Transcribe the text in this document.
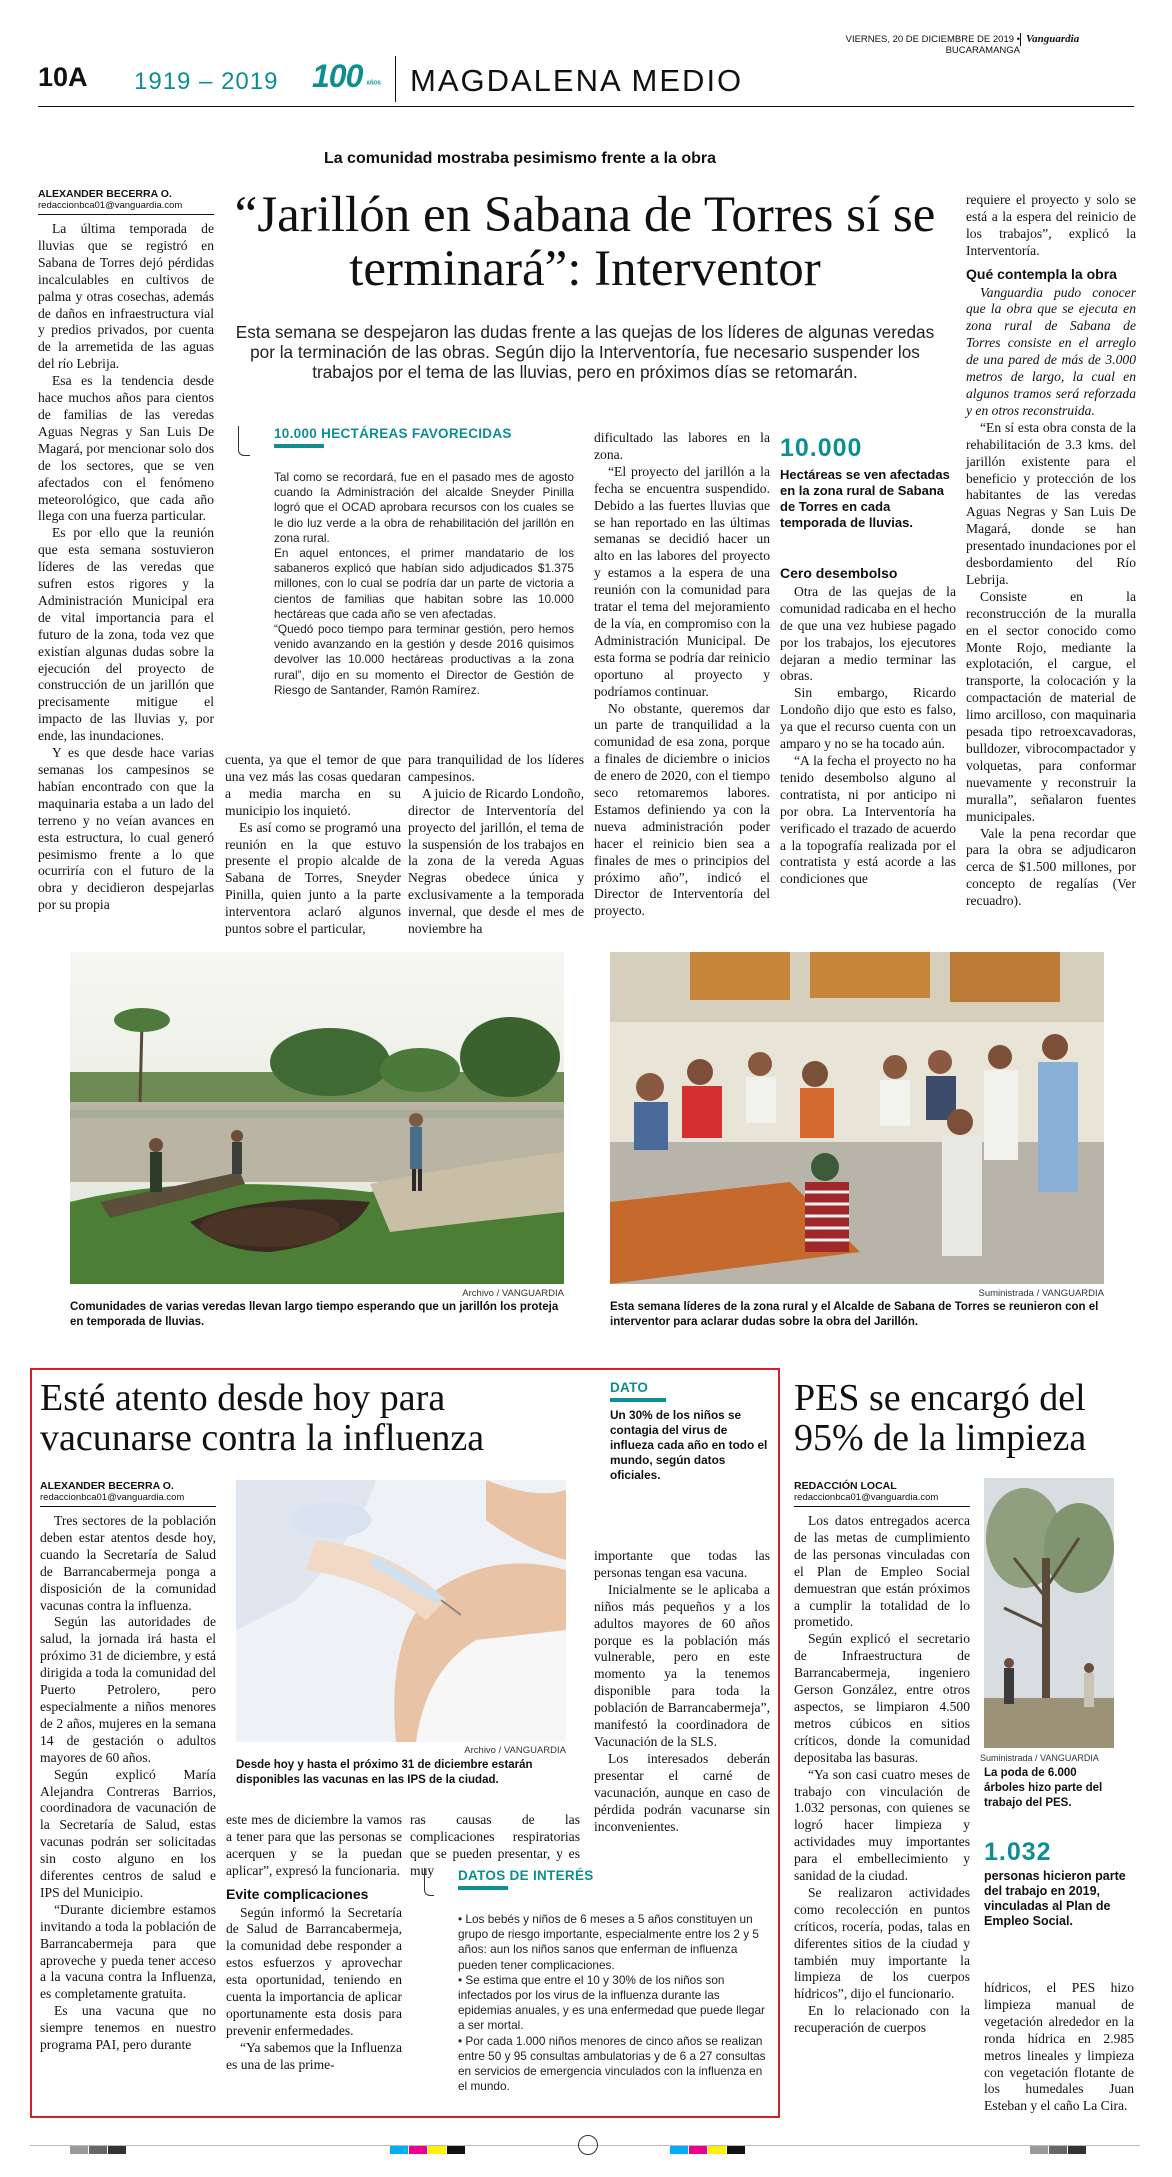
VIERNES, 20 DE DICIEMBRE DE 2019 • BUCARAMANGA
Vanguardia
10A 1919 – 2019 100 AÑOS MAGDALENA MEDIO
La comunidad mostraba pesimismo frente a la obra
“Jarillón en Sabana de Torres sí se terminará”: Interventor
Esta semana se despejaron las dudas frente a las quejas de los líderes de algunas veredas por la terminación de las obras. Según dijo la Interventoría, fue necesario suspender los trabajos por el tema de las lluvias, pero en próximos días se retomarán.
ALEXANDER BECERRA O.
redaccionbca01@vanguardia.com

La última temporada de lluvias que se registró en Sabana de Torres dejó pérdidas incalculables en cultivos de palma y otras cosechas, además de daños en infraestructura vial y predios privados, por cuenta de la arremetida de las aguas del río Lebrija.

Esa es la tendencia desde hace muchos años para cientos de familias de las veredas Aguas Negras y San Luis De Magará, por mencionar solo dos de los sectores, que se ven afectados con el fenómeno meteorológico, que cada año llega con una fuerza particular.

Es por ello que la reunión que esta semana sostuvieron líderes de las veredas que sufren estos rigores y la Administración Municipal era de vital importancia para el futuro de la zona, toda vez que existían algunas dudas sobre la ejecución del proyecto de construcción de un jarillón que precisamente mitigue el impacto de las lluvias y, por ende, las inundaciones.

Y es que desde hace varias semanas los campesinos se habían encontrado con que la maquinaria estaba a un lado del terreno y no veían avances en esta estructura, lo cual generó pesimismo frente a lo que ocurriría con el futuro de la obra y decidieron despejarlas por su propia

10.000 HECTÁREAS FAVORECIDAS

Tal como se recordará, fue en el pasado mes de agosto cuando la Administración del alcalde Sneyder Pinilla logró que el OCAD aprobara recursos con los cuales se le dio luz verde a la obra de rehabilitación del jarillón en zona rural.

En aquel entonces, el primer mandatario de los sabaneros explicó que habían sido adjudicados $1.375 millones, con lo cual se podría dar un parte de victoria a cientos de familias que habitan sobre las 10.000 hectáreas que cada año se ven afectadas.

“Quedó poco tiempo para terminar gestión, pero hemos venido avanzando en la gestión y desde 2016 quisimos devolver las 10.000 hectáreas productivas a la zona rural”, dijo en su momento el Director de Gestión de Riesgo de Santander, Ramón Ramírez.

cuenta, ya que el temor de que una vez más las cosas quedaran a media marcha en su municipio los inquietó.

Es así como se programó una reunión en la que estuvo presente el propio alcalde de Sabana de Torres, Sneyder Pinilla, quien junto a la parte interventora aclaró algunos puntos sobre el particular,

para tranquilidad de los líderes campesinos.

A juicio de Ricardo Londoño, director de Interventoría del proyecto del jarillón, el tema de la suspensión de los trabajos en la zona de la vereda Aguas Negras obedece única y exclusivamente a la temporada invernal, que desde el mes de noviembre ha

dificultado las labores en la zona.

“El proyecto del jarillón a la fecha se encuentra suspendido. Debido a las fuertes lluvias que se han reportado en las últimas semanas se decidió hacer un alto en las labores del proyecto y estamos a la espera de una reunión con la comunidad para tratar el tema del mejoramiento de la vía, en compromiso con la Administración Municipal. De esta forma se podría dar reinicio oportuno al proyecto y podríamos continuar.

No obstante, queremos dar un parte de tranquilidad a la comunidad de esa zona, porque a finales de diciembre o inicios de enero de 2020, con el tiempo seco retomaremos labores. Estamos definiendo ya con la nueva administración poder hacer el reinicio bien sea a finales de mes o principios del próximo año”, indicó el Director de Interventoría del proyecto.

10.000
Hectáreas se ven afectadas en la zona rural de Sabana de Torres en cada temporada de lluvias.
Cero desembolso

Otra de las quejas de la comunidad radicaba en el hecho de que una vez hubiese pagado por los trabajos, los ejecutores dejaran a medio terminar las obras.

Sin embargo, Ricardo Londoño dijo que esto es falso, ya que el recurso cuenta con un amparo y no se ha tocado aún.

“A la fecha el proyecto no ha tenido desembolso alguno al contratista, ni por anticipo ni por obra. La Interventoría ha verificado el trazado de acuerdo a la topografía realizada por el contratista y está acorde a las condiciones que

requiere el proyecto y solo se está a la espera del reinicio de los trabajos”, explicó la Interventoría.

Qué contempla la obra

Vanguardia pudo conocer que la obra que se ejecuta en zona rural de Sabana de Torres consiste en el arreglo de una pared de más de 3.000 metros de largo, la cual en algunos tramos será reforzada y en otros reconstruida.

“En sí esta obra consta de la rehabilitación de 3.3 kms. del jarillón existente para el beneficio y protección de los habitantes de las veredas Aguas Negras y San Luis De Magará, donde se han presentado inundaciones por el desbordamiento del Río Lebrija.

Consiste en la reconstrucción de la muralla en el sector conocido como Monte Rojo, mediante la explotación, el cargue, el transporte, la colocación y la compactación de material de limo arcilloso, con maquinaria pesada tipo retroexcavadoras, bulldozer, vibrocompactador y volquetas, para conformar nuevamente y reconstruir la muralla”, señalaron fuentes municipales.

Vale la pena recordar que para la obra se adjudicaron cerca de $1.500 millones, por concepto de regalías (Ver recuadro).

Archivo / VANGUARDIA
Comunidades de varias veredas llevan largo tiempo esperando que un jarillón los proteja en temporada de lluvias.
Suministrada / VANGUARDIA
Esta semana líderes de la zona rural y el Alcalde de Sabana de Torres se reunieron con el interventor para aclarar dudas sobre la obra del Jarillón.
Esté atento desde hoy para vacunarse contra la influenza
DATO
Un 30% de los niños se contagia del virus de influeza cada año en todo el mundo, según datos oficiales.
ALEXANDER BECERRA O.
redaccionbca01@vanguardia.com

Tres sectores de la población deben estar atentos desde hoy, cuando la Secretaría de Salud de Barrancabermeja ponga a disposición de la comunidad vacunas contra la influenza.

Según las autoridades de salud, la jornada irá hasta el próximo 31 de diciembre, y está dirigida a toda la comunidad del Puerto Petrolero, pero especialmente a niños menores de 2 años, mujeres en la semana 14 de gestación o adultos mayores de 60 años.

Según explicó María Alejandra Contreras Barrios, coordinadora de vacunación de la Secretaría de Salud, estas vacunas podrán ser solicitadas sin costo alguno en los diferentes centros de salud e IPS del Municipio.

“Durante diciembre estamos invitando a toda la población de Barrancabermeja para que aproveche y pueda tener acceso a la vacuna contra la Influenza, es completamente gratuita.

Es una vacuna que no siempre tenemos en nuestro programa PAI, pero durante

Archivo / VANGUARDIA
Desde hoy y hasta el próximo 31 de diciembre estarán disponibles las vacunas en las IPS de la ciudad.

este mes de diciembre la vamos a tener para que las personas se acerquen y se la puedan aplicar”, expresó la funcionaria.

Evite complicaciones

Según informó la Secretaría de Salud de Barrancabermeja, la comunidad debe responder a estos esfuerzos y aprovechar esta oportunidad, teniendo en cuenta la importancia de aplicar oportunamente esta dosis para prevenir enfermedades.

“Ya sabemos que la Influenza es una de las prime-

ras causas de las complicaciones respiratorias que se pueden presentar, y es muy	DATOS DE INTERÉS

• Los bebés y niños de 6 meses a 5 años constituyen un grupo de riesgo importante, especialmente entre los 2 y 5 años: aun los niños sanos que enferman de influenza pueden tener complicaciones.

• Se estima que entre el 10 y 30% de los niños son infectados por los virus de la influenza durante las epidemias anuales, y es una enfermedad que puede llegar a ser mortal.

• Por cada 1.000 niños menores de cinco años se realizan entre 50 y 95 consultas ambulatorias y de 6 a 27 consultas en servicios de emergencia vinculados con la influenza en el mundo.

importante que todas las personas tengan esa vacuna.

Inicialmente se le aplicaba a niños más pequeños y a los adultos mayores de 60 años porque es la población más vulnerable, pero en este momento ya la tenemos disponible para toda la población de Barrancabermeja”, manifestó la coordinadora de Vacunación de la SLS.

Los interesados deberán presentar el carné de vacunación, aunque en caso de pérdida podrán vacunarse sin inconvenientes.

PES se encargó del 95% de la limpieza
REDACCIÓN LOCAL
redaccionbca01@vanguardia.com

Los datos entregados acerca de las metas de cumplimiento de las personas vinculadas con el Plan de Empleo Social demuestran que están próximos a cumplir la totalidad de lo prometido.

Según explicó el secretario de Infraestructura de Barrancabermeja, ingeniero Gerson González, entre otros aspectos, se limpiaron 4.500 metros cúbicos en sitios críticos, donde la comunidad depositaba las basuras.

“Ya son casi cuatro meses de trabajo con vinculación de 1.032 personas, con quienes se logró hacer limpieza y actividades muy importantes para el embellecimiento y sanidad de la ciudad.

Se realizaron actividades como recolección en puntos críticos, rocería, podas, talas en diferentes sitios de la ciudad y también muy importante la limpieza de los cuerpos hídricos”, dijo el funcionario.

En lo relacionado con la recuperación de cuerpos

Suministrada / VANGUARDIA
La poda de 6.000 árboles hizo parte del trabajo del PES.
1.032
personas hicieron parte del trabajo en 2019, vinculadas al Plan de Empleo Social.

hídricos, el PES hizo limpieza manual de vegetación alrededor en la ronda hídrica en 2.985 metros lineales y limpieza con vegetación flotante de los humedales Juan Esteban y el caño La Cira.
